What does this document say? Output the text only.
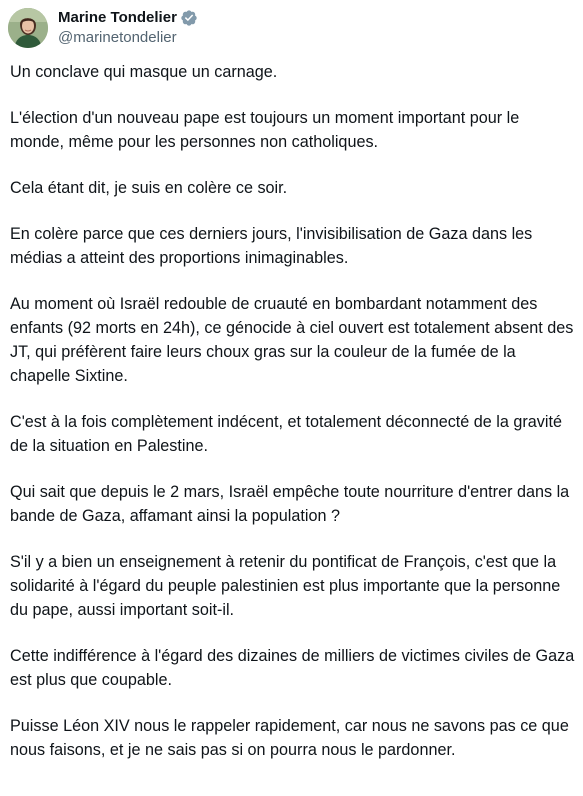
Marine Tondelier
@marinetondelier

Un conclave qui masque un carnage.

L'élection d'un nouveau pape est toujours un moment important pour le monde, même pour les personnes non catholiques.

Cela étant dit, je suis en colère ce soir.

En colère parce que ces derniers jours, l'invisibilisation de Gaza dans les médias a atteint des proportions inimaginables.

Au moment où Israël redouble de cruauté en bombardant notamment des enfants (92 morts en 24h), ce génocide à ciel ouvert est totalement absent des JT, qui préfèrent faire leurs choux gras sur la couleur de la fumée de la chapelle Sixtine.

C'est à la fois complètement indécent, et totalement déconnecté de la gravité de la situation en Palestine.

Qui sait que depuis le 2 mars, Israël empêche toute nourriture d'entrer dans la bande de Gaza, affamant ainsi la population ?

S'il y a bien un enseignement à retenir du pontificat de François, c'est que la solidarité à l'égard du peuple palestinien est plus importante que la personne du pape, aussi important soit-il.

Cette indifférence à l'égard des dizaines de milliers de victimes civiles de Gaza est plus que coupable.

Puisse Léon XIV nous le rappeler rapidement, car nous ne savons pas ce que nous faisons, et je ne sais pas si on pourra nous le pardonner.
